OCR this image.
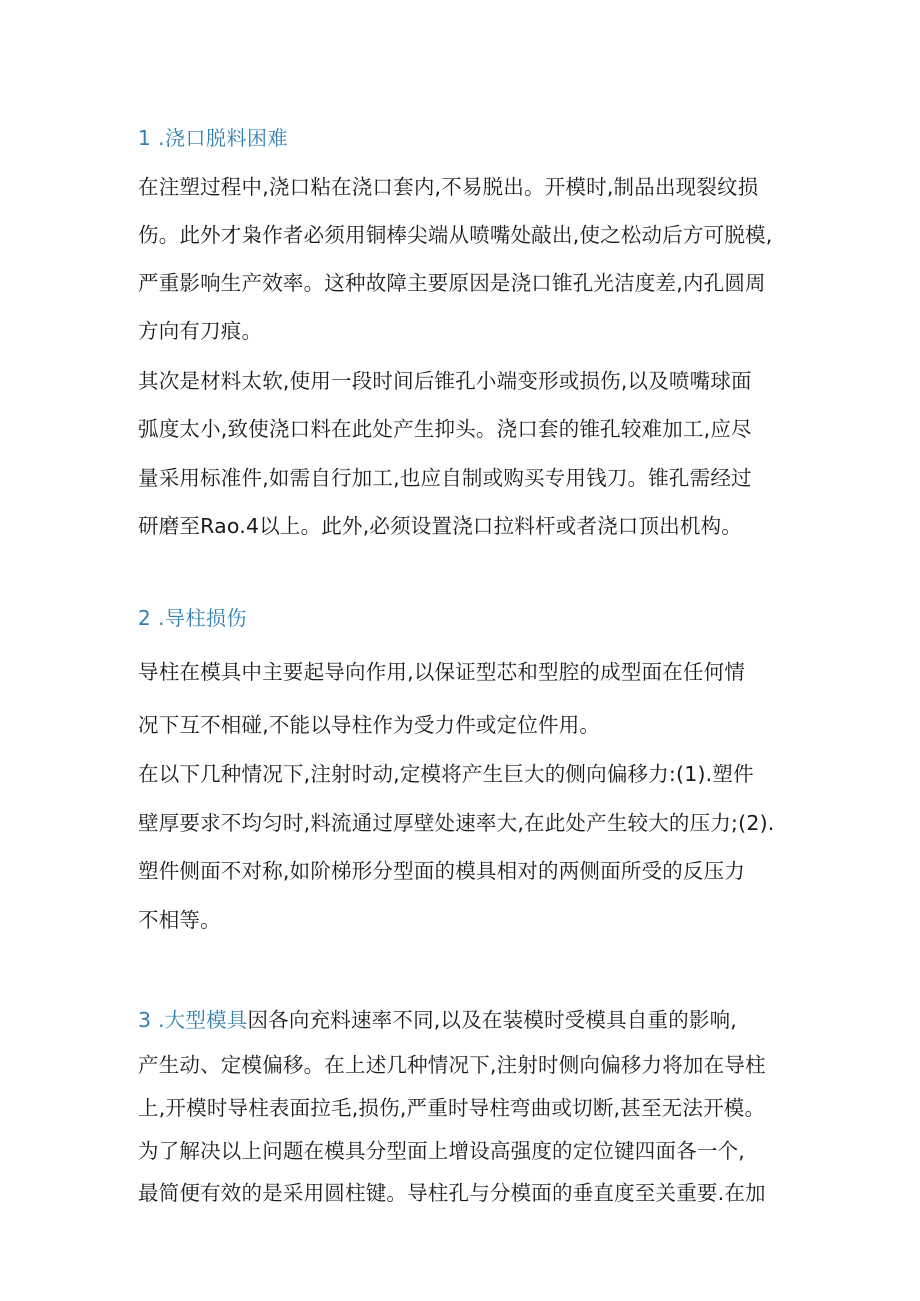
1 .浇口脱料困难
在注塑过程中,浇口粘在浇口套内,不易脱出。开模时,制品出现裂纹损
伤。此外才枭作者必须用铜棒尖端从喷嘴处敲出,使之松动后方可脱模,
严重影响生产效率。这种故障主要原因是浇口锥孔光洁度差,内孔圆周
方向有刀痕。
其次是材料太软,使用一段时间后锥孔小端变形或损伤,以及喷嘴球面
弧度太小,致使浇口料在此处产生抑头。浇口套的锥孔较难加工,应尽
量采用标准件,如需自行加工,也应自制或购买专用钱刀。锥孔需经过
研磨至Rao.4以上。此外,必须设置浇口拉料杆或者浇口顶出机构。
2 .导柱损伤
导柱在模具中主要起导向作用,以保证型芯和型腔的成型面在任何情
况下互不相碰,不能以导柱作为受力件或定位件用。
在以下几种情况下,注射时动,定模将产生巨大的侧向偏移力:(1).塑件
壁厚要求不均匀时,料流通过厚壁处速率大,在此处产生较大的压力;(2).
塑件侧面不对称,如阶梯形分型面的模具相对的两侧面所受的反压力
不相等。
3 .大型模具因各向充料速率不同,以及在装模时受模具自重的影响,
产生动、定模偏移。在上述几种情况下,注射时侧向偏移力将加在导柱
上,开模时导柱表面拉毛,损伤,严重时导柱弯曲或切断,甚至无法开模。
为了解决以上问题在模具分型面上增设高强度的定位键四面各一个,
最简便有效的是采用圆柱键。导柱孔与分模面的垂直度至关重要.在加
